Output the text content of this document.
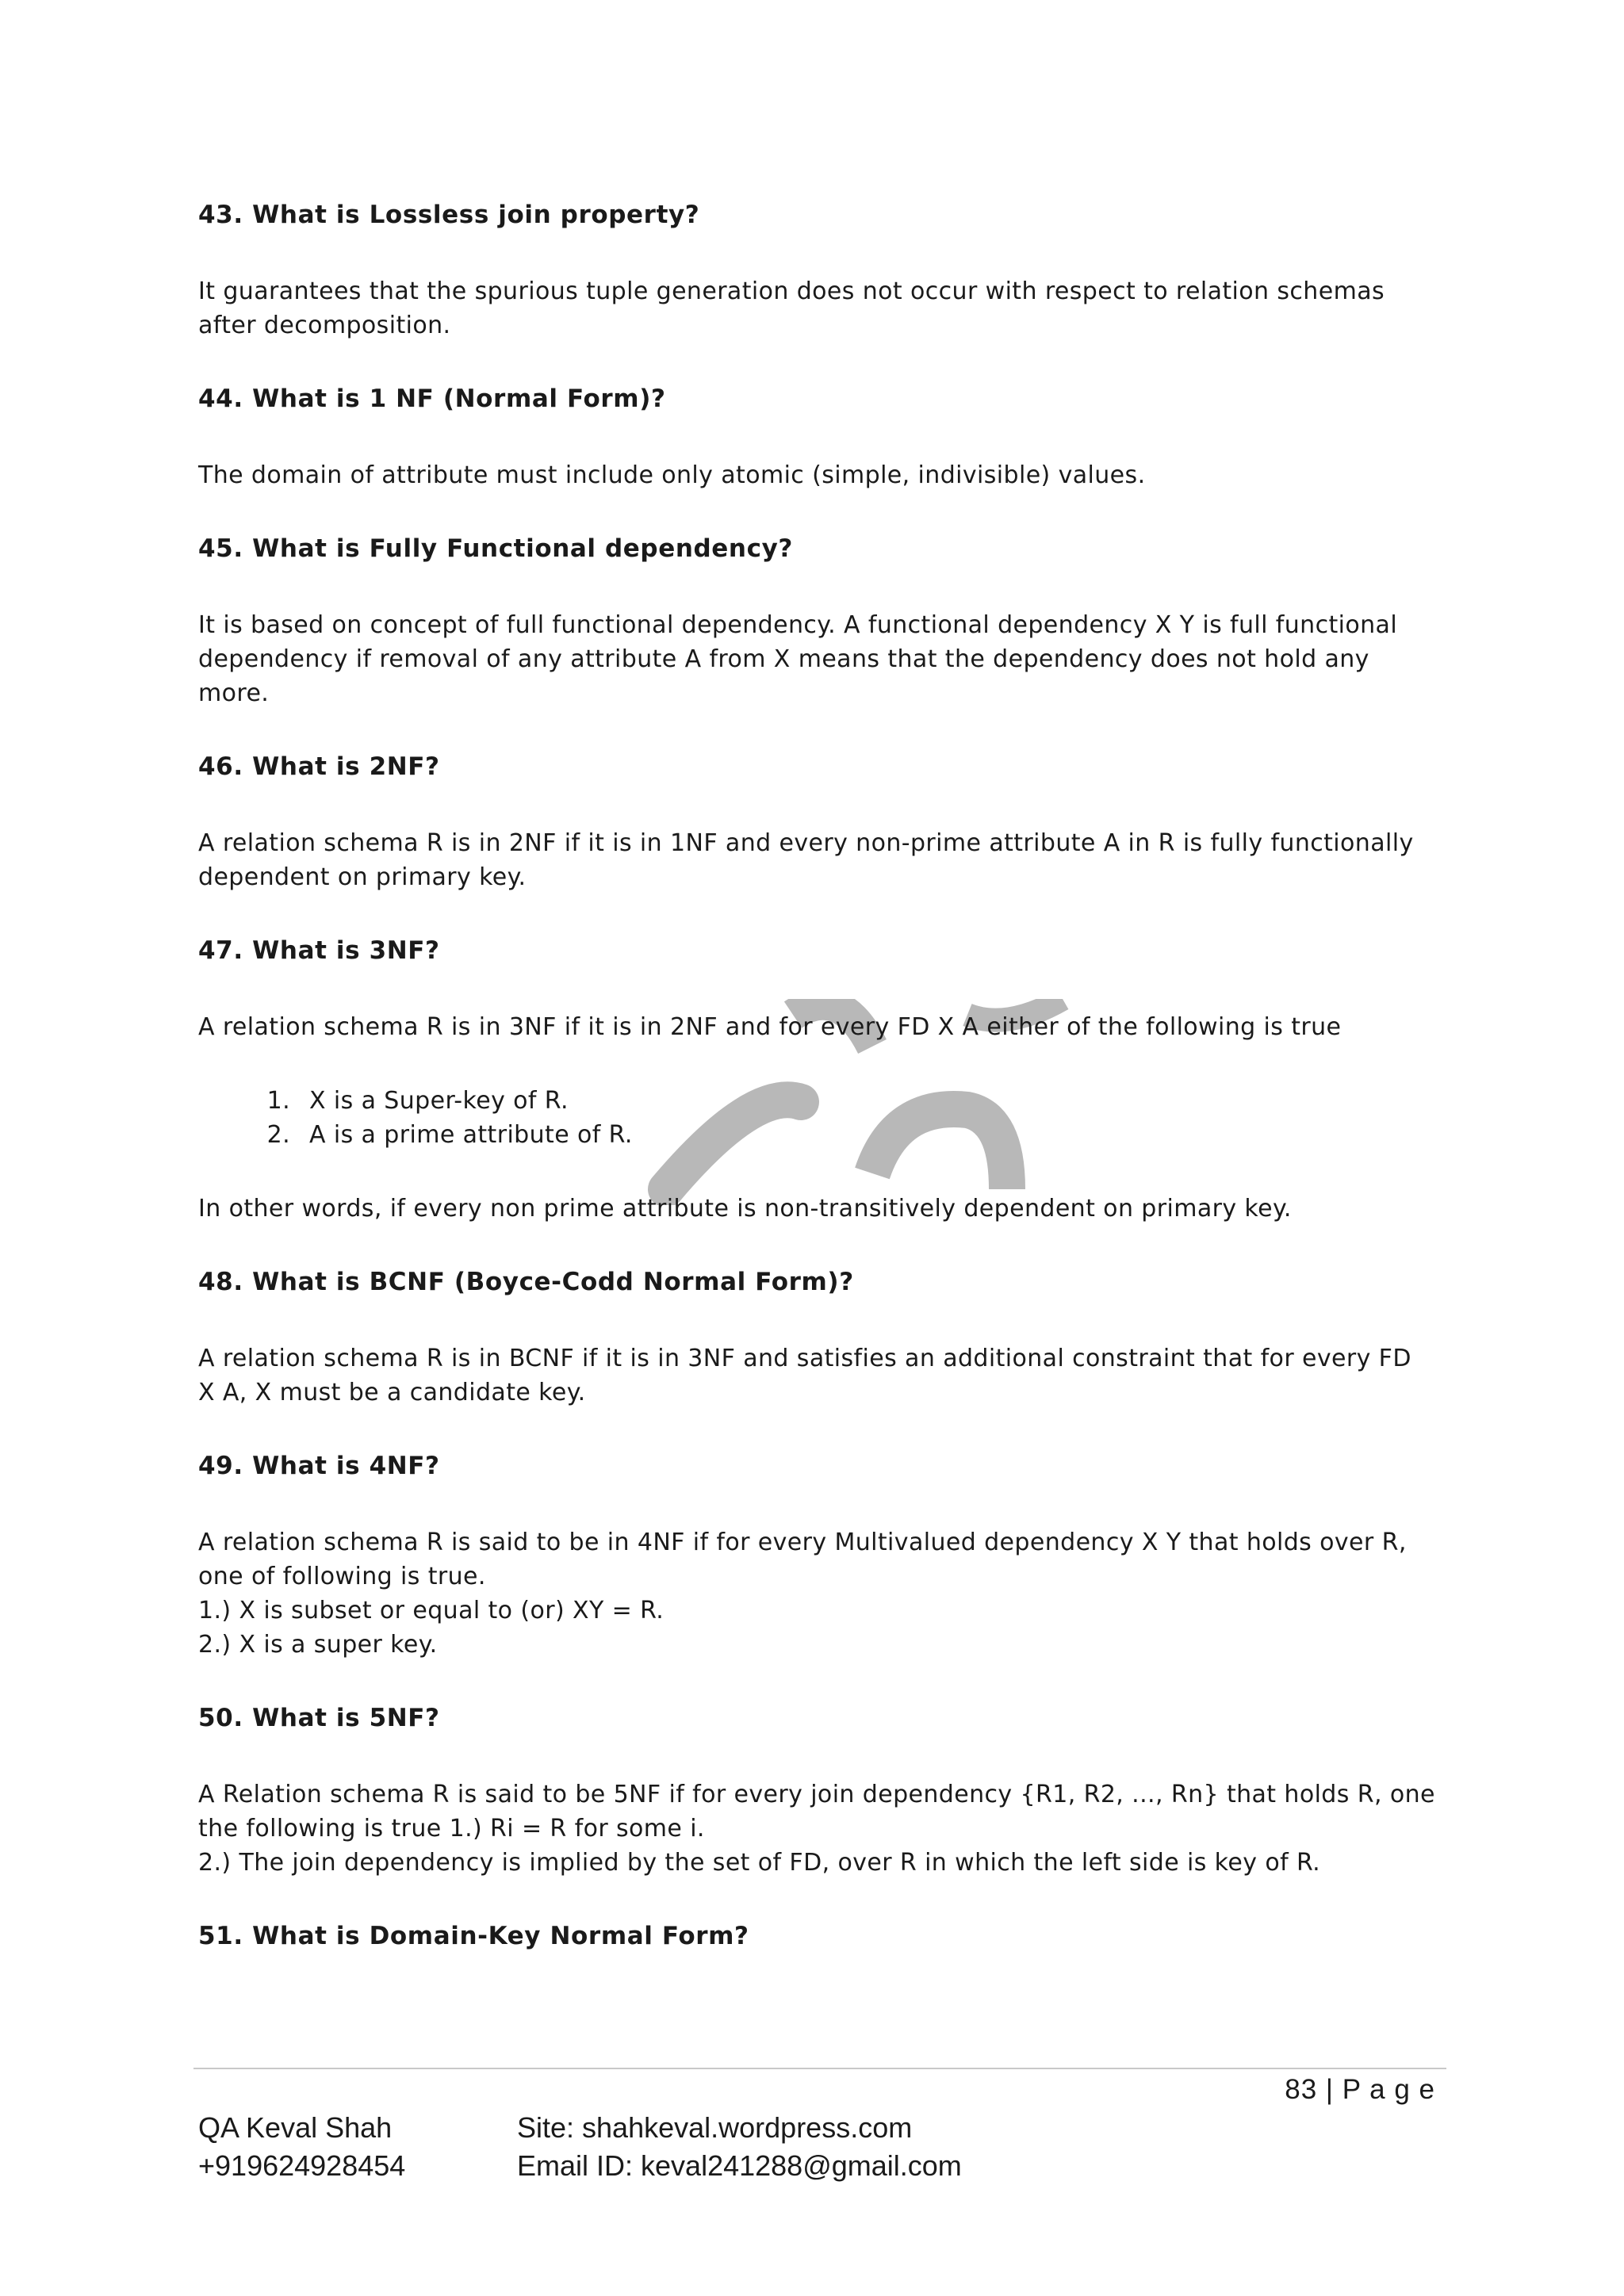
43. What is Lossless join property?

It guarantees that the spurious tuple generation does not occur with respect to relation schemas after decomposition.

44. What is 1 NF (Normal Form)?

The domain of attribute must include only atomic (simple, indivisible) values.

45. What is Fully Functional dependency?

It is based on concept of full functional dependency. A functional dependency X Y is full functional dependency if removal of any attribute A from X means that the dependency does not hold any more.

46. What is 2NF?

A relation schema R is in 2NF if it is in 1NF and every non-prime attribute A in R is fully functionally dependent on primary key.

47. What is 3NF?

A relation schema R is in 3NF if it is in 2NF and for every FD X A either of the following is true

1. X is a Super-key of R.
2. A is a prime attribute of R.

In other words, if every non prime attribute is non-transitively dependent on primary key.

48. What is BCNF (Boyce-Codd Normal Form)?

A relation schema R is in BCNF if it is in 3NF and satisfies an additional constraint that for every FD X A, X must be a candidate key.

49. What is 4NF?

A relation schema R is said to be in 4NF if for every Multivalued dependency X Y that holds over R, one of following is true.

1.) X is subset or equal to (or) XY = R.

2.) X is a super key.

50. What is 5NF?

A Relation schema R is said to be 5NF if for every join dependency {R1, R2, ..., Rn} that holds R, one the following is true 1.) Ri = R for some i.

2.) The join dependency is implied by the set of FD, over R in which the left side is key of R.

51. What is Domain-Key Normal Form?

83 | P a g e
QA Keval Shah
+919624928454
Site: shahkeval.wordpress.com
Email ID: keval241288@gmail.com
